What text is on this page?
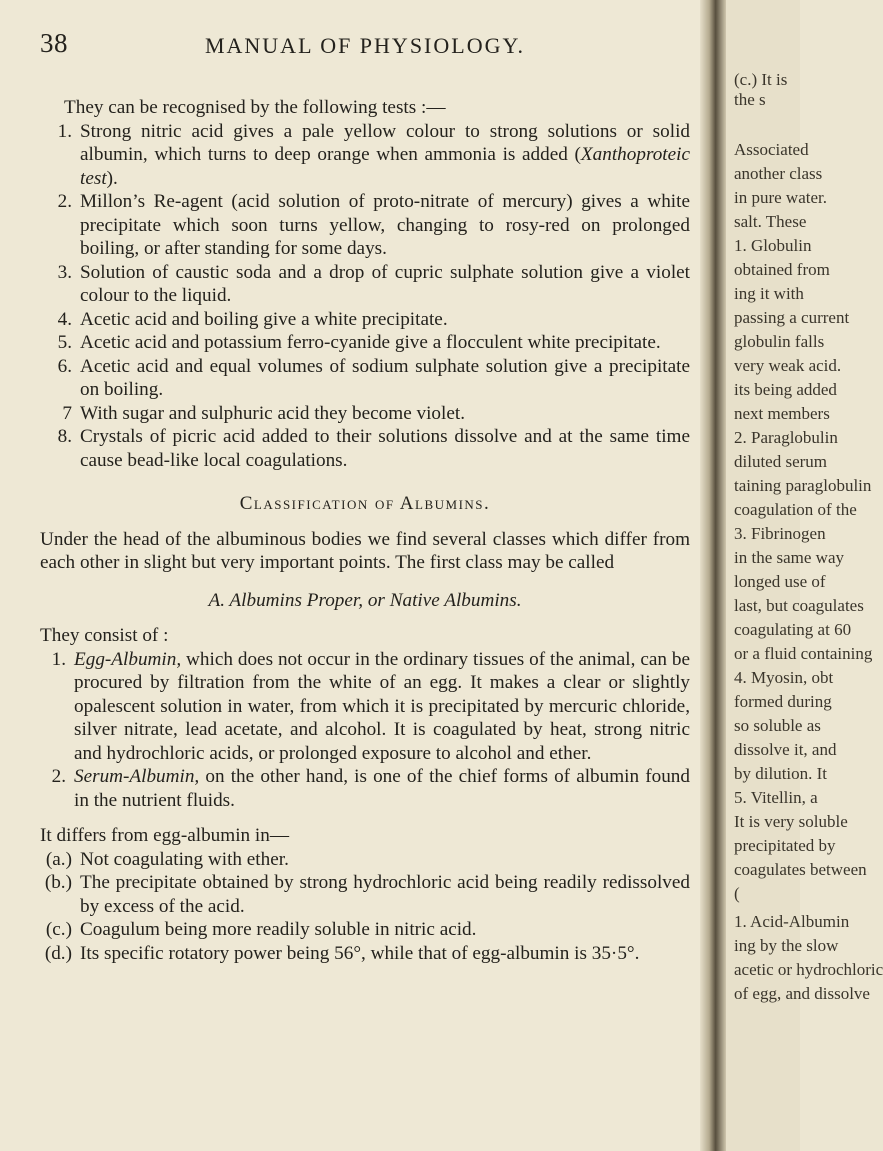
38	MANUAL OF PHYSIOLOGY.

They can be recognised by the following tests :—

1. Strong nitric acid gives a pale yellow colour to strong solutions or solid albumin, which turns to deep orange when ammonia is added (Xanthoproteic test).
2. Millon’s Re-agent (acid solution of proto-nitrate of mercury) gives a white precipitate which soon turns yellow, changing to rosy-red on prolonged boiling, or after standing for some days.
3. Solution of caustic soda and a drop of cupric sulphate solution give a violet colour to the liquid.
4. Acetic acid and boiling give a white precipitate.
5. Acetic acid and potassium ferro-cyanide give a flocculent white precipitate.
6. Acetic acid and equal volumes of sodium sulphate solution give a precipitate on boiling.
7 With sugar and sulphuric acid they become violet.
8. Crystals of picric acid added to their solutions dissolve and at the same time cause bead-like local coagulations.
Classification of Albumins.

Under the head of the albuminous bodies we find several classes which differ from each other in slight but very important points. The first class may be called

A. Albumins Proper, or Native Albumins.

They consist of :

1. Egg-Albumin, which does not occur in the ordinary tissues of the animal, can be procured by filtration from the white of an egg. It makes a clear or slightly opalescent solution in water, from which it is precipitated by mercuric chloride, silver nitrate, lead acetate, and alcohol. It is coagulated by heat, strong nitric and hydrochloric acids, or prolonged exposure to alcohol and ether.
2. Serum-Albumin, on the other hand, is one of the chief forms of albumin found in the nutrient fluids.

It differs from egg-albumin in—

(a.) Not coagulating with ether.
(b.) The precipitate obtained by strong hydrochloric acid being readily redissolved by excess of the acid.
(c.) Coagulum being more readily soluble in nitric acid.
(d.) Its specific rotatory power being 56°, while that of egg-albumin is 35·5°.
(c.) It is
the s
Associated
another class
in pure water.
salt. These
1. Globulin
obtained from
ing it with
passing a current
globulin falls
very weak acid.
its being added
next members
2. Paraglobulin
diluted serum
taining paraglobulin
coagulation of the
3. Fibrinogen
in the same way
longed use of
last, but coagulates
coagulating at 60
or a fluid containing
4. Myosin, obt
formed during
so soluble as
dissolve it, and
by dilution. It
5. Vitellin, a
It is very soluble
precipitated by
coagulates between
(
1. Acid-Albumin
ing by the slow
acetic or hydrochloric
of egg, and dissolve
